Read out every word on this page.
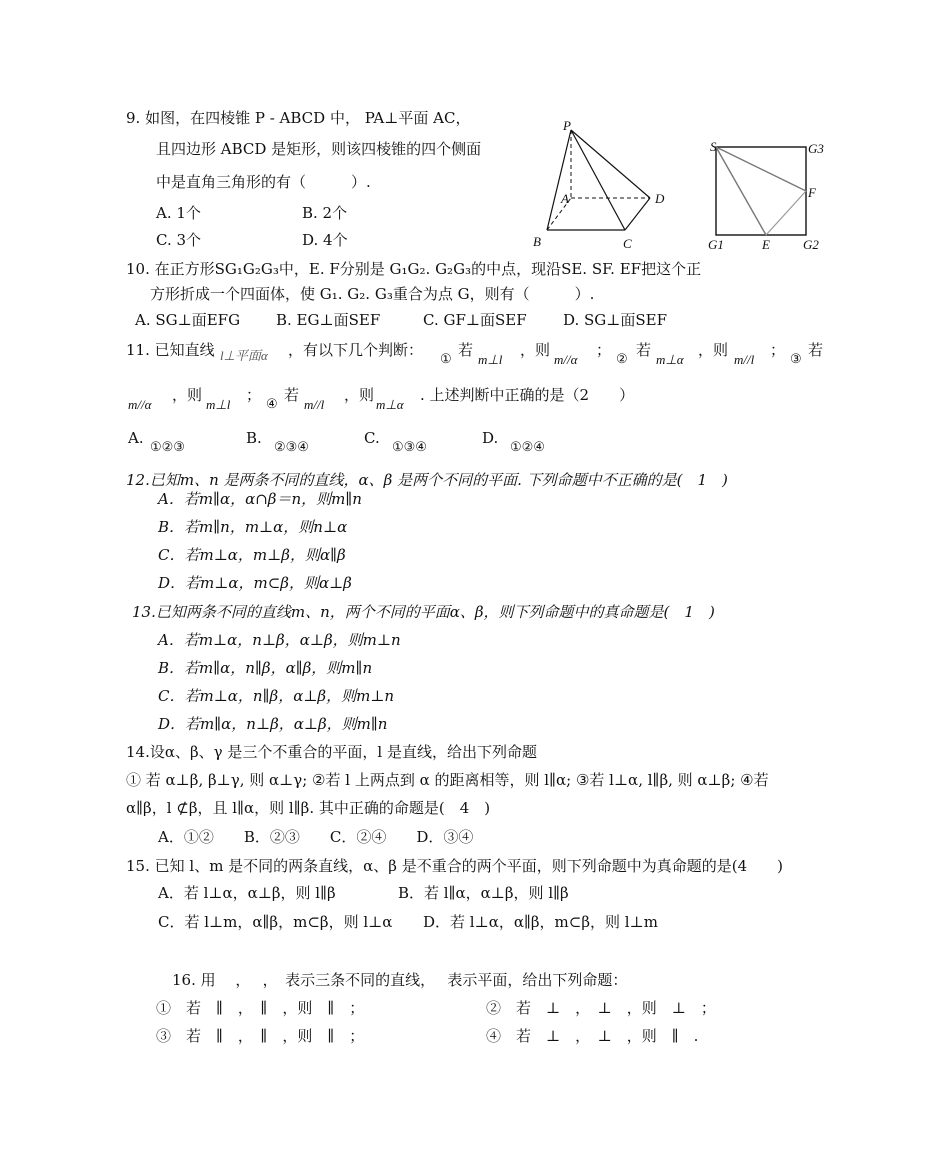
9. 如图，在四棱锥 P - ABCD 中， PA⊥平面 AC，
且四边形 ABCD 是矩形，则该四棱锥的四个侧面
中是直角三角形的有（　　　）.
A. 1个	B. 2个
C. 3个	D. 4个
P
A
B	C
D
S	G3
F
G1	E	G2
10. 在正方形SG₁G₂G₃中，E. F分别是 G₁G₂. G₂G₃的中点，现沿SE. SF. EF把这个正
方形折成一个四面体，使 G₁. G₂. G₃重合为点 G，则有（　　　）.
A. SG⊥面EFG B. EG⊥面SEF	C. GF⊥面SEF D. SG⊥面SEF
11. 已知直线 l⊥平面α ，有以下几个判断：
①
若
m⊥l
，则
m//α
；
②
若
m⊥α
，则
m//l
；
③
若
m//α
，则
m⊥l
；
④
若
m//l
，则
m⊥α
. 上述判断中正确的是（2　　）
A.
①②③
B.
②③④
C.
①③④
D.
①②④
12.已知m、n 是两条不同的直线，α、β 是两个不同的平面. 下列命题中不正确的是(　1　)
A．若m∥α，α∩β＝n，则m∥n
B．若m∥n，m⊥α，则n⊥α
C．若m⊥α，m⊥β，则α∥β
D．若m⊥α，m⊂β，则α⊥β
13.已知两条不同的直线m、n，两个不同的平面α、β，则下列命题中的真命题是(　1　)
A．若m⊥α，n⊥β，α⊥β，则m⊥n
B．若m∥α，n∥β，α∥β，则m∥n
C．若m⊥α，n∥β，α⊥β，则m⊥n
D．若m∥α，n⊥β，α⊥β，则m∥n
14.设α、β、γ 是三个不重合的平面，l 是直线，给出下列命题
① 若 α⊥β, β⊥γ, 则 α⊥γ; ②若 l 上两点到 α 的距离相等，则 l∥α; ③若 l⊥α, l∥β, 则 α⊥β; ④若
α∥β，l ⊄β，且 l∥α，则 l∥β. 其中正确的命题是(　4　)
A．①②　　B．②③　　C．②④　　D．③④
15. 已知 l、m 是不同的两条直线，α、β 是不重合的两个平面，则下列命题中为真命题的是(4　　)
A．若 l⊥α，α⊥β，则 l∥β	B．若 l∥α，α⊥β，则 l∥β
C．若 l⊥m，α∥β，m⊂β，则 l⊥α D．若 l⊥α，α∥β，m⊂β，则 l⊥m
16. 用　 ，　 ，　表示三条不同的直线，　 表示平面，给出下列命题：
①　若　∥　，　∥　，则　∥　；	②　若　⊥　，　⊥　，则　⊥　；
③　若　∥　，　∥　，则　∥　；	④　若　⊥　，　⊥　，则　∥　.
